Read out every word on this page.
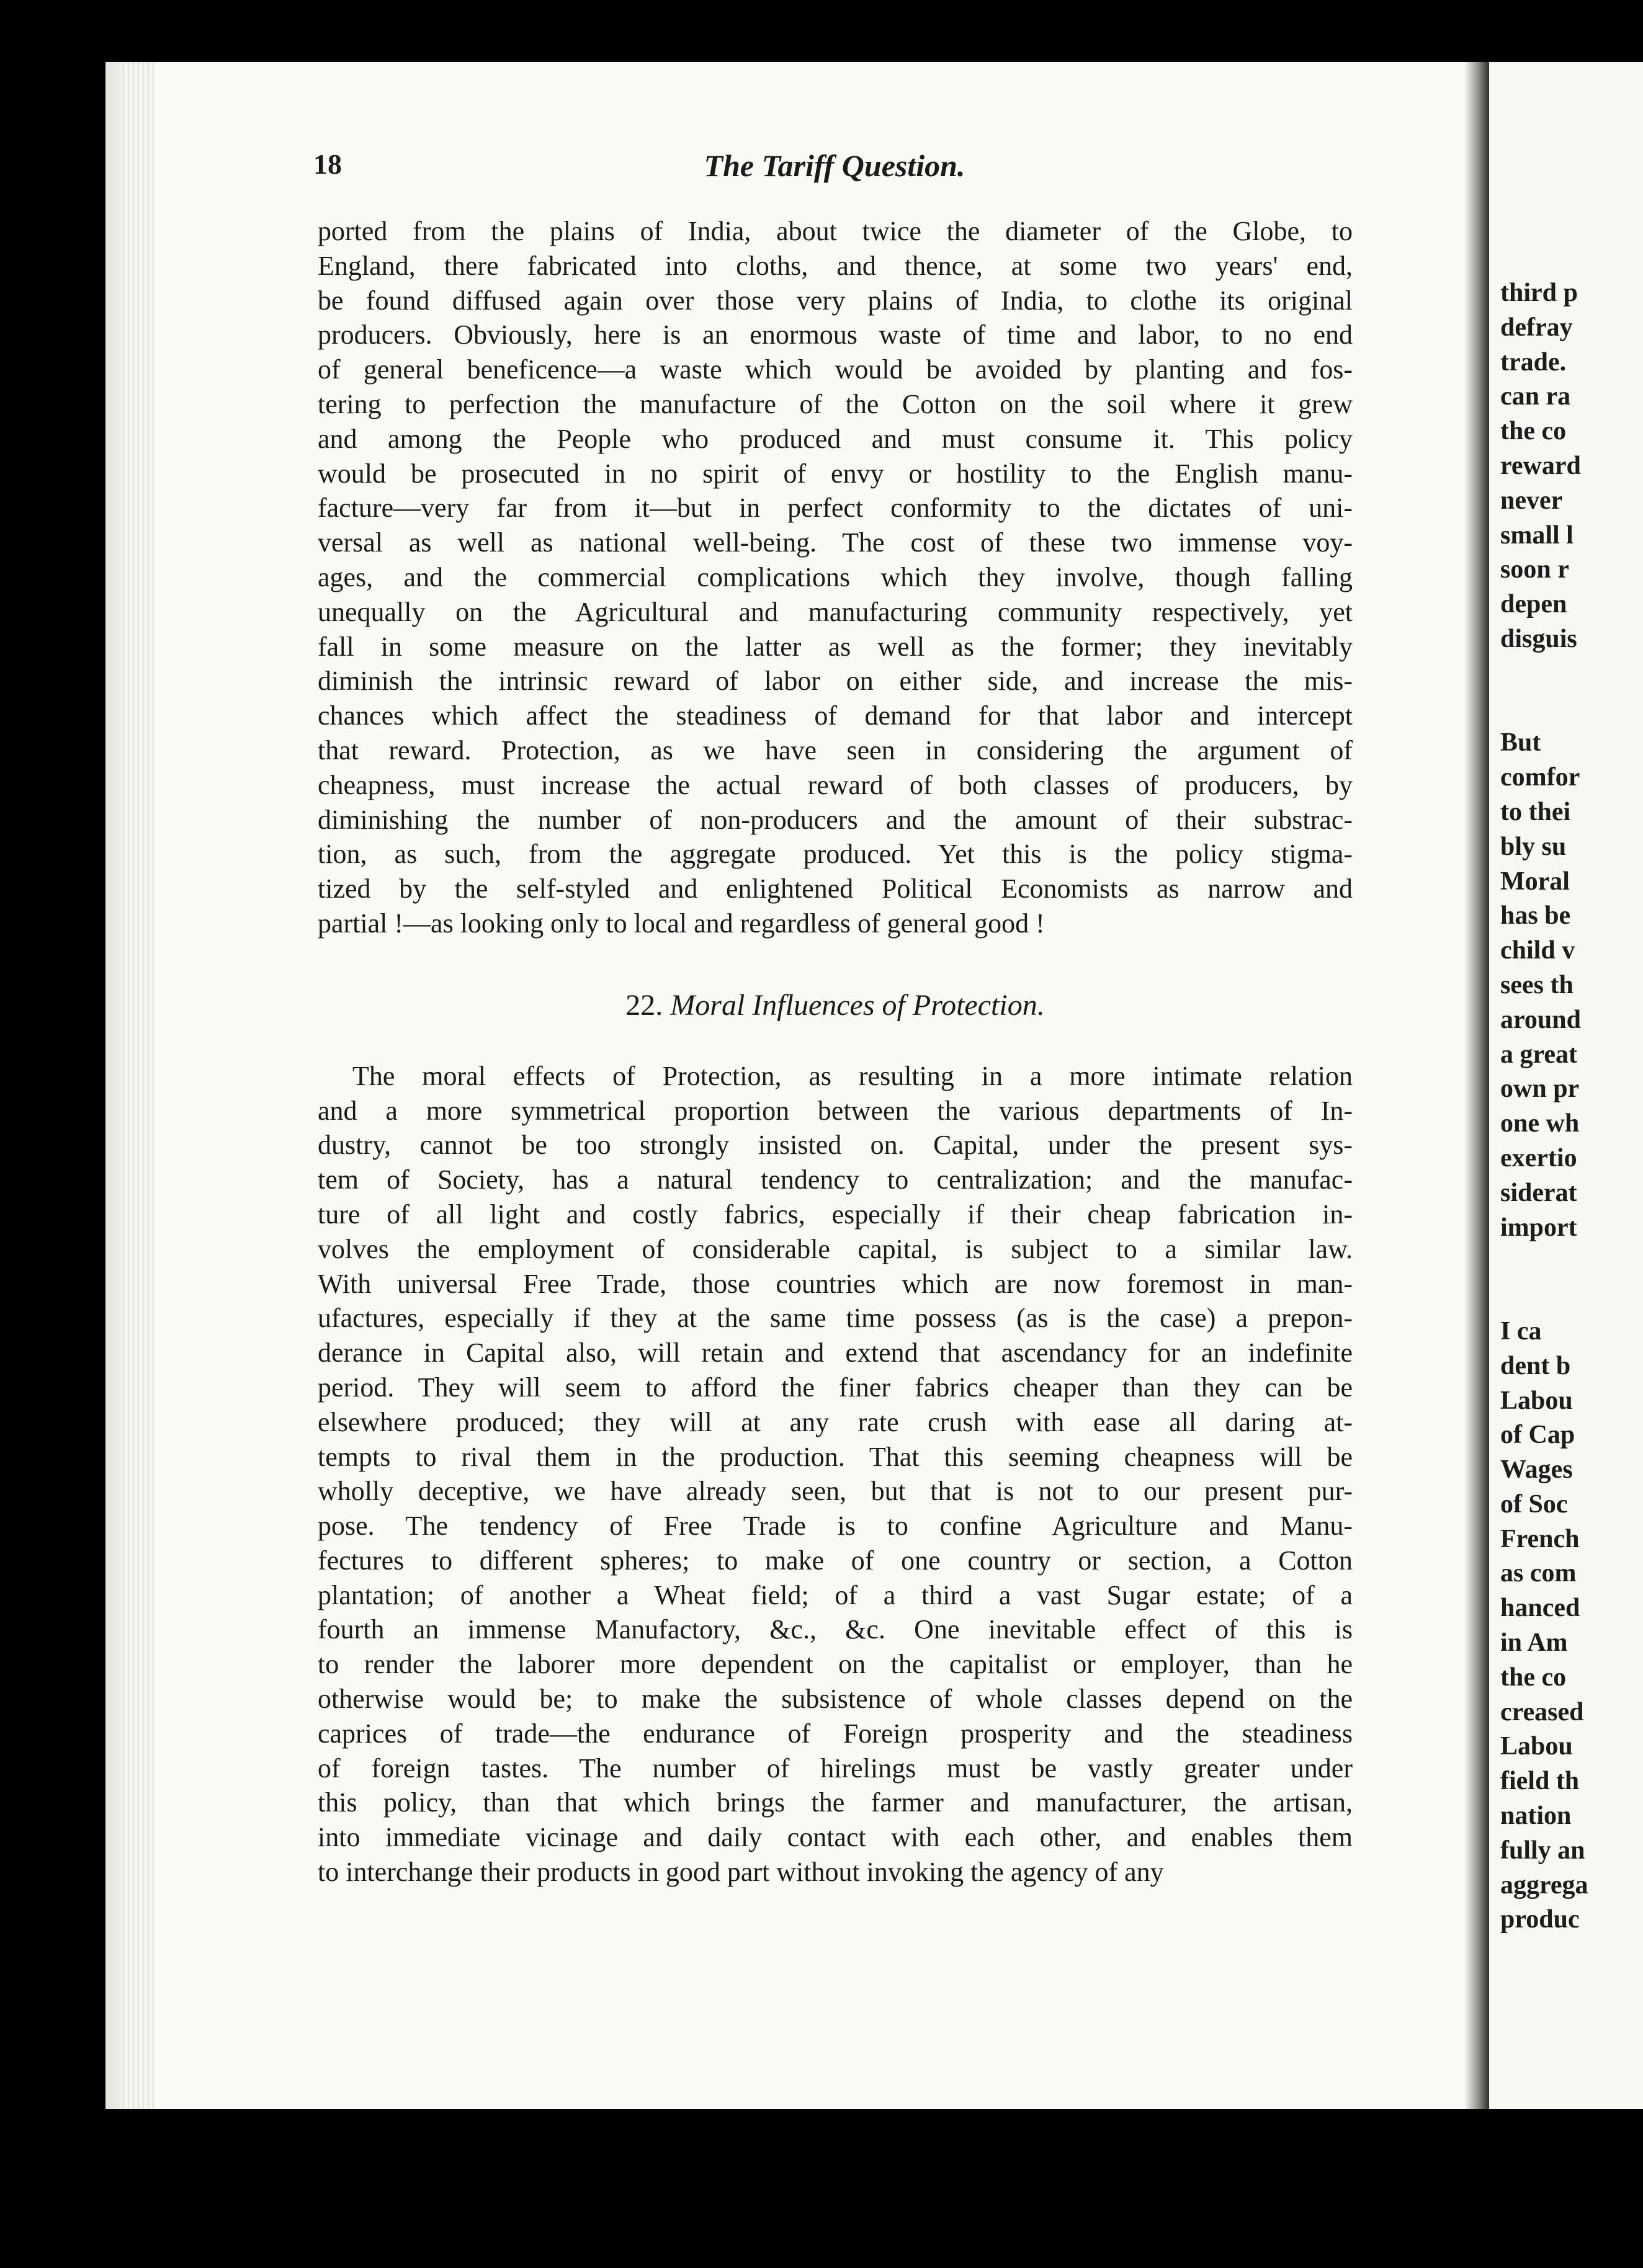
18	The Tariff Question.
ported from the plains of India, about twice the diameter of the Globe, to
England, there fabricated into cloths, and thence, at some two years' end,
be found diffused again over those very plains of India, to clothe its original
producers. Obviously, here is an enormous waste of time and labor, to no end
of general beneficence—a waste which would be avoided by planting and fos-
tering to perfection the manufacture of the Cotton on the soil where it grew
and among the People who produced and must consume it. This policy
would be prosecuted in no spirit of envy or hostility to the English manu-
facture—very far from it—but in perfect conformity to the dictates of uni-
versal as well as national well-being. The cost of these two immense voy-
ages, and the commercial complications which they involve, though falling
unequally on the Agricultural and manufacturing community respectively, yet
fall in some measure on the latter as well as the former; they inevitably
diminish the intrinsic reward of labor on either side, and increase the mis-
chances which affect the steadiness of demand for that labor and intercept
that reward. Protection, as we have seen in considering the argument of
cheapness, must increase the actual reward of both classes of producers, by
diminishing the number of non-producers and the amount of their substrac-
tion, as such, from the aggregate produced. Yet this is the policy stigma-
tized by the self-styled and enlightened Political Economists as narrow and
partial !—as looking only to local and regardless of general good !
22. Moral Influences of Protection.
The moral effects of Protection, as resulting in a more intimate relation
and a more symmetrical proportion between the various departments of In-
dustry, cannot be too strongly insisted on. Capital, under the present sys-
tem of Society, has a natural tendency to centralization; and the manufac-
ture of all light and costly fabrics, especially if their cheap fabrication in-
volves the employment of considerable capital, is subject to a similar law.
With universal Free Trade, those countries which are now foremost in man-
ufactures, especially if they at the same time possess (as is the case) a prepon-
derance in Capital also, will retain and extend that ascendancy for an indefinite
period. They will seem to afford the finer fabrics cheaper than they can be
elsewhere produced; they will at any rate crush with ease all daring at-
tempts to rival them in the production. That this seeming cheapness will be
wholly deceptive, we have already seen, but that is not to our present pur-
pose. The tendency of Free Trade is to confine Agriculture and Manu-
fectures to different spheres; to make of one country or section, a Cotton
plantation; of another a Wheat field; of a third a vast Sugar estate; of a
fourth an immense Manufactory, &c., &c. One inevitable effect of this is
to render the laborer more dependent on the capitalist or employer, than he
otherwise would be; to make the subsistence of whole classes depend on the
caprices of trade—the endurance of Foreign prosperity and the steadiness
of foreign tastes. The number of hirelings must be vastly greater under
this policy, than that which brings the farmer and manufacturer, the artisan,
into immediate vicinage and daily contact with each other, and enables them
to interchange their products in good part without invoking the agency of any
third p
defray
trade.
can ra
the co
reward
never
small l
soon r
depen
disguis
But
comfor
to thei
bly su
Moral
has be
child v
sees th
around
a great
own pr
one wh
exertio
siderat
import
I ca
dent b
Labou
of Cap
Wages
of Soc
French
as com
hanced
in Am
the co
creased
Labou
field th
nation
fully an
aggrega
produc
